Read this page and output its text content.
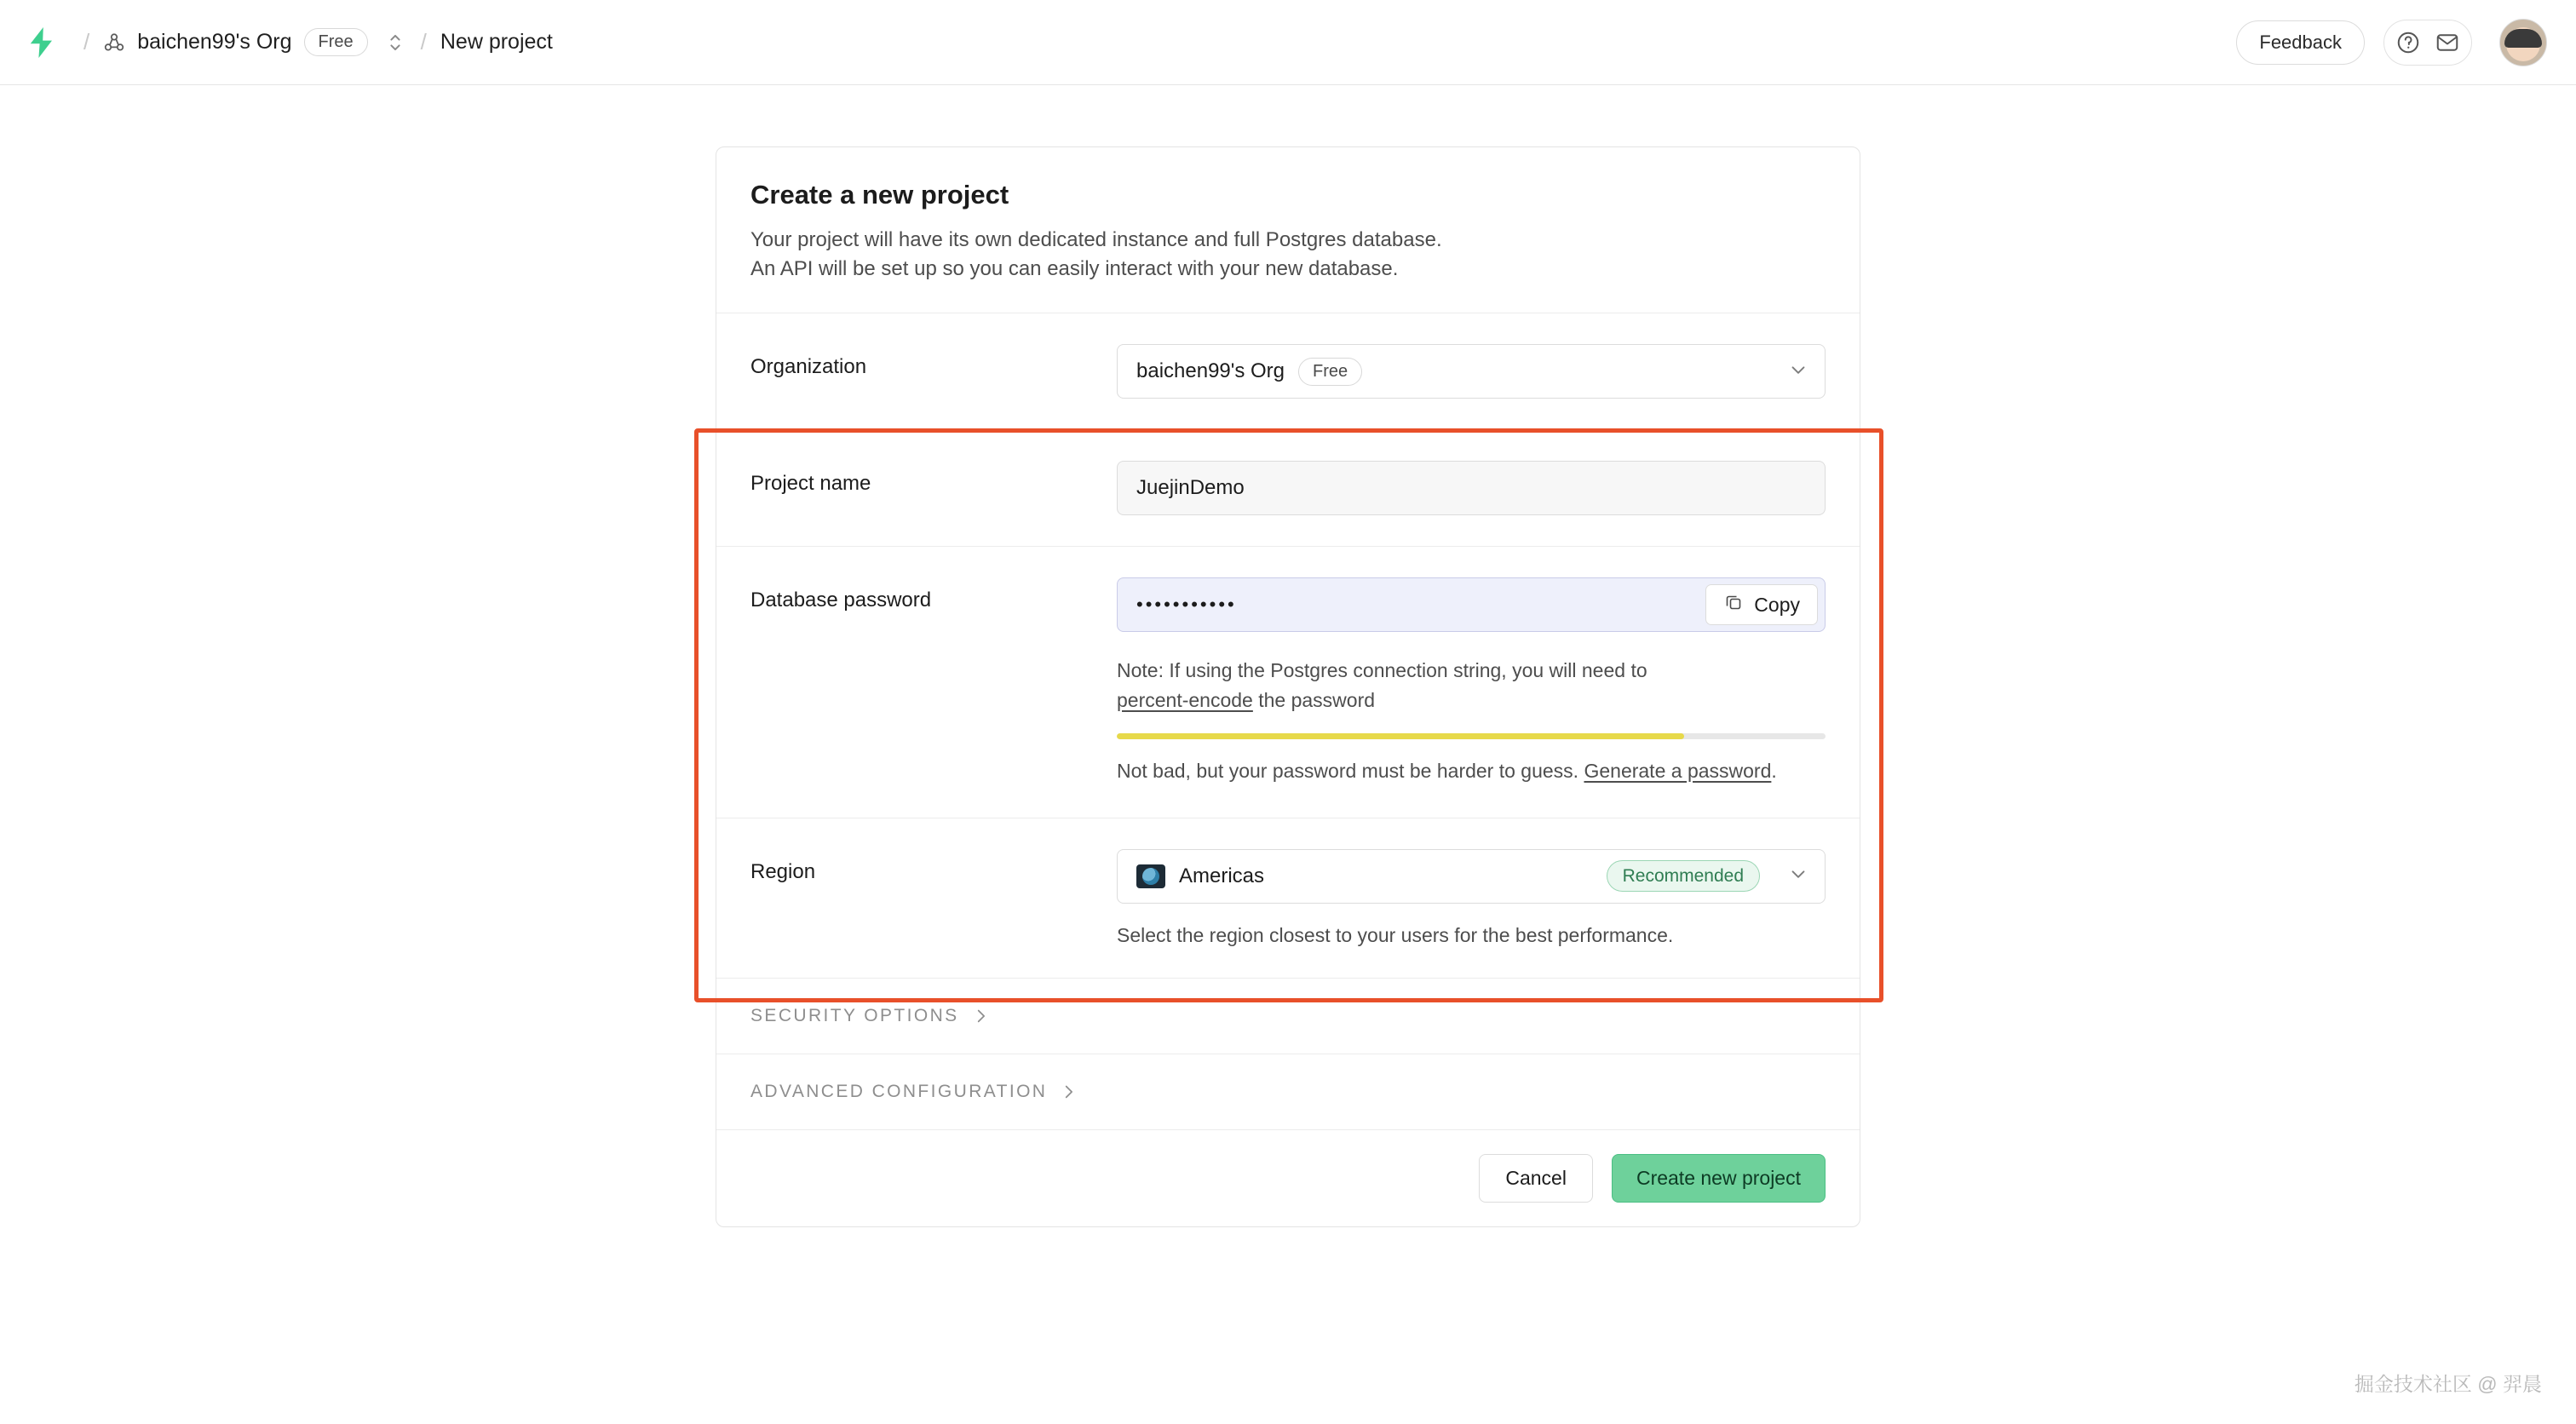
/ baichen99's Org	Free	/ New project	Feedback
Create a new project
Your project will have its own dedicated instance and full Postgres database.
An API will be set up so you can easily interact with your new database.
Organization	baichen99's Org	Free
Project name	JuejinDemo
Database password	•••••••••••	Copy
Note: If using the Postgres connection string, you will need to
percent-encode the password
Not bad, but your password must be harder to guess. Generate a password.
Region	Americas	Recommended
Select the region closest to your users for the best performance.
SECURITY OPTIONS
ADVANCED CONFIGURATION
Cancel	Create new project
掘金技术社区 @ 羿晨
